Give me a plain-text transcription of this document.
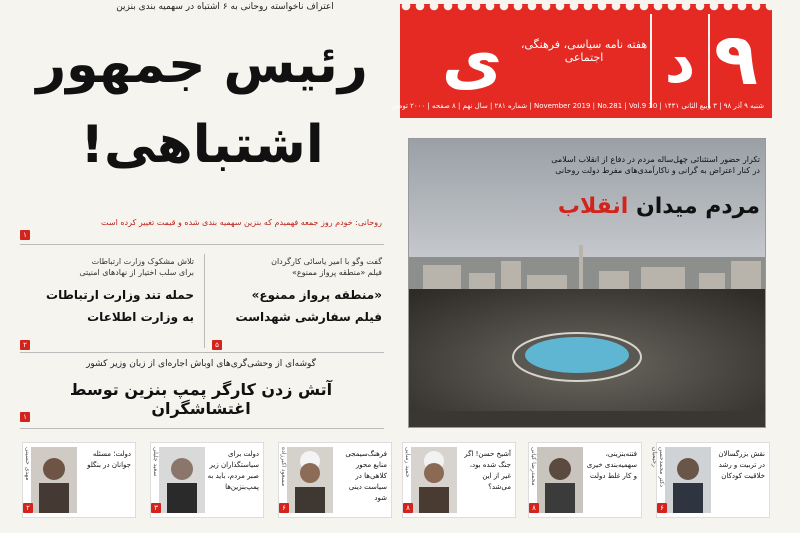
۹
د
ی	هفته نامه سیاسی، فرهنگی، اجتماعی
شنبه ۹ آذر ۹۸ | ۳ ربیع الثانی ۱۴۴۱ | 30 November 2019 | No.281 | Vol.9 | شماره ۲۸۱ | سال نهم | ۸ صفحه | ۲۰۰۰ تومان
اعتراف ناخواسته روحانی به ۶ اشتباه در سهمیه بندی بنزین
رئیس جمهور
اشتباهی!
روحانی: خودم روز جمعه فهمیدم که بنزین سهمیه بندی شده و قیمت تغییر کرده است
۱
گفت وگو با امیر یاسائی کارگردان
فیلم «منطقه پرواز ممنوع»
«منطقه پرواز ممنوع»
فیلم سفارشی شهداست
۵
تلاش مشکوک وزارت ارتباطات
برای سلب اختیار از نهادهای امنیتی
حمله تند وزارت ارتباطات
به وزارت اطلاعات
۲
گوشه‌ای از وحشی‌گری‌های اوباش اجاره‌ای از زبان وزیر کشور
آتش زدن کارگر پمپ بنزین توسط اغتشاشگران
۱
تکرار حضور استثنائی چهل‌ساله مردم در دفاع از انقلاب اسلامی
در کنار اعتراض به گرانی و ناکارآمدی‌های مفرط دولت روحانی
مردم میدان انقلاب
نقش بزرگسالان در تربیت و رشد خلاقیت کودکان
دکتر محمدحسن رحیمیان
۶
فتنه‌بنزینی، سهمیه‌بندی خیری و کار غلط دولت
محمدرضا کیانی
۸
آشیخ حسن! اگر جنگ شده بود، غیر از این می‌شد؟
حمید رسایی
۸
فرهنگ‌سیمجی منابع محور کلاهی‌ها در سیاست دینی شود
مسعود اکبرزاده
۶
دولت برای سیاستگذاران زیر صبر مردم، باید به پمپ‌بنزین‌ها
سعید جلیلی
۳
دولت؛ مسئله جوانان در بنگلو
مهدی حسینی
۲
